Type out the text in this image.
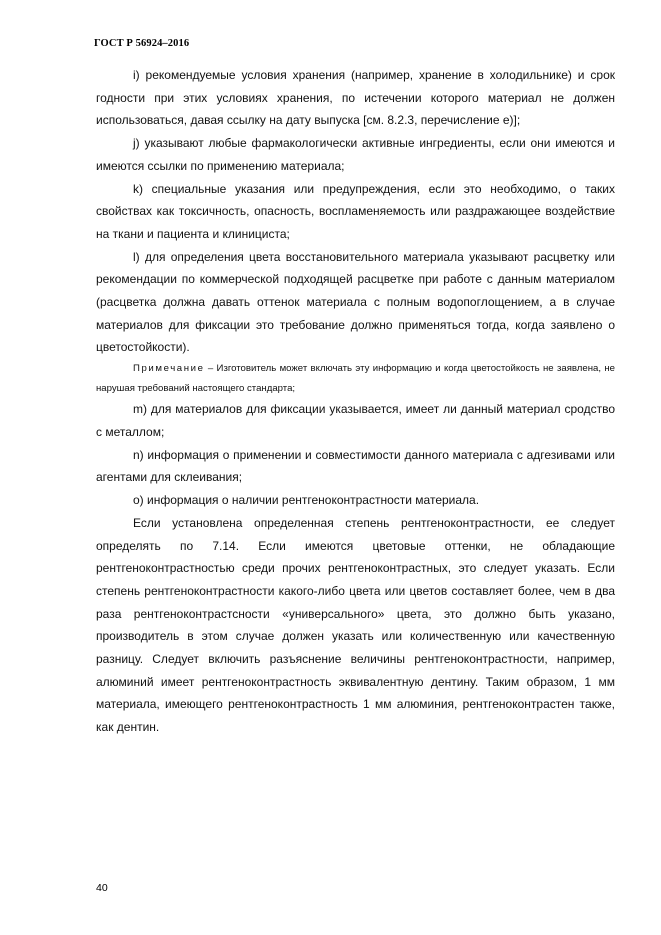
ГОСТ Р 56924–2016

i) рекомендуемые условия хранения (например, хранение в холодильнике) и срок годности при этих условиях хранения, по истечении которого материал не должен использоваться, давая ссылку на дату выпуска [см. 8.2.3, перечисление е)];

j) указывают любые фармакологически активные ингредиенты, если они имеются и имеются ссылки по применению материала;

k) специальные указания или предупреждения, если это необходимо, о таких свойствах как токсичность, опасность, воспламеняемость или раздражающее воздействие на ткани и пациента и клинициста;

l) для определения цвета восстановительного материала указывают расцветку или рекомендации по коммерческой подходящей расцветке при работе с данным материалом (расцветка должна давать оттенок материала с полным водопоглощением, а в случае материалов для фиксации это требование должно применяться тогда, когда заявлено о цветостойкости).

Примечание – Изготовитель может включать эту информацию и когда цветостойкость не заявлена, не нарушая требований настоящего стандарта;

m) для материалов для фиксации указывается, имеет ли данный материал сродство с металлом;

n) информация о применении и совместимости данного материала с адгезивами или агентами для склеивания;

o) информация о наличии рентгеноконтрастности материала.

Если установлена определенная степень рентгеноконтрастности, ее следует определять по 7.14. Если имеются цветовые оттенки, не обладающие рентгеноконтрастностью среди прочих рентгеноконтрастных, это следует указать. Если степень рентгеноконтрастности какого-либо цвета или цветов составляет более, чем в два раза рентгеноконтрастсности «универсального» цвета, это должно быть указано, производитель в этом случае должен указать или количественную или качественную разницу. Следует включить разъяснение величины рентгеноконтрастности, например, алюминий имеет рентгеноконтрастность эквивалентную дентину. Таким образом, 1 мм материала, имеющего рентгеноконтрастность 1 мм алюминия, рентгеноконтрастен также, как дентин.

40
